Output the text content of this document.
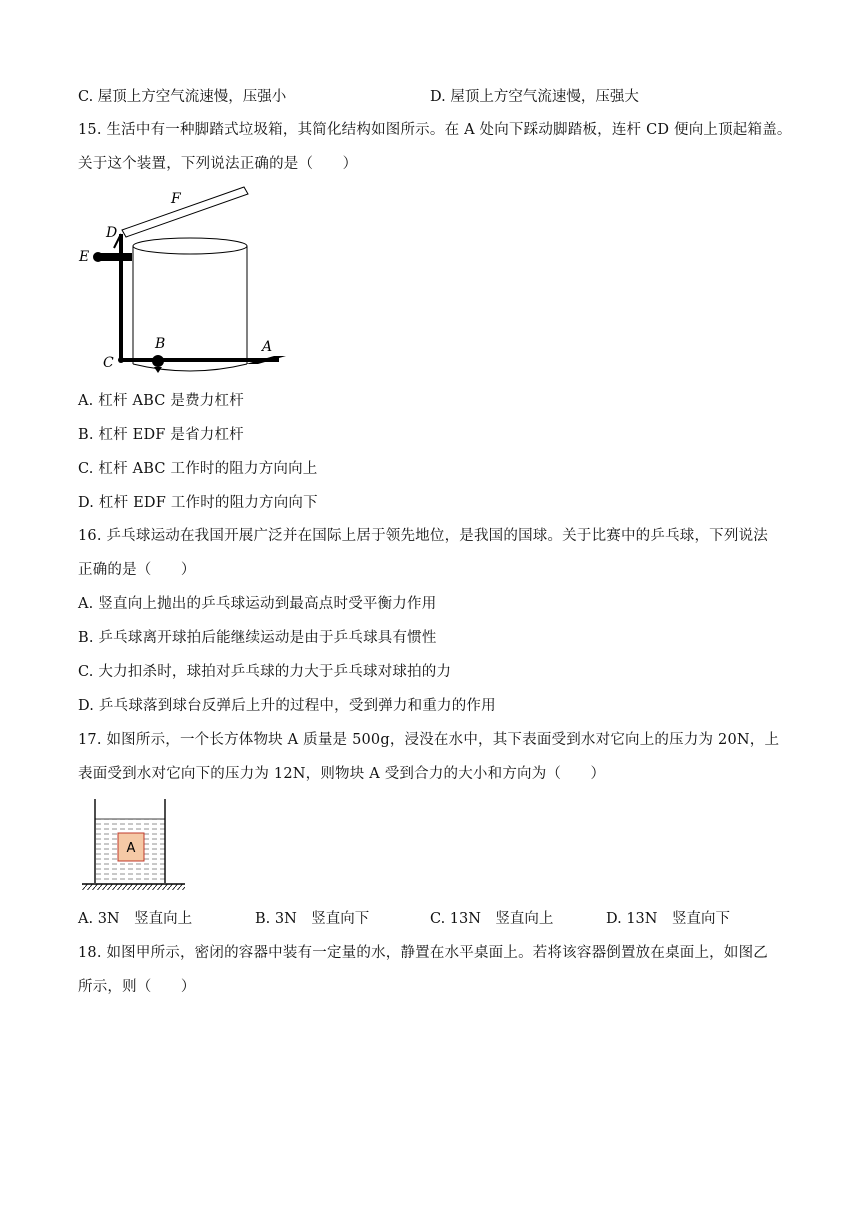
C. 屋顶上方空气流速慢，压强小	D. 屋顶上方空气流速慢，压强大
15. 生活中有一种脚踏式垃圾箱，其简化结构如图所示。在 A 处向下踩动脚踏板，连杆 CD 便向上顶起箱盖。
关于这个装置，下列说法正确的是（　　）
F
D
E
B
C
A
A. 杠杆 ABC 是费力杠杆
B. 杠杆 EDF 是省力杠杆
C. 杠杆 ABC 工作时的阻力方向向上
D. 杠杆 EDF 工作时的阻力方向向下
16. 乒乓球运动在我国开展广泛并在国际上居于领先地位，是我国的国球。关于比赛中的乒乓球，下列说法
正确的是（　　）
A. 竖直向上抛出的乒乓球运动到最高点时受平衡力作用
B. 乒乓球离开球拍后能继续运动是由于乒乓球具有惯性
C. 大力扣杀时，球拍对乒乓球的力大于乒乓球对球拍的力
D. 乒乓球落到球台反弹后上升的过程中，受到弹力和重力的作用
17. 如图所示，一个长方体物块 A 质量是 500g，浸没在水中，其下表面受到水对它向上的压力为 20N，上
表面受到水对它向下的压力为 12N，则物块 A 受到合力的大小和方向为（　　）
A
A. 3N　竖直向上	B. 3N　竖直向下	C. 13N　竖直向上	D. 13N　竖直向下
18. 如图甲所示，密闭的容器中装有一定量的水，静置在水平桌面上。若将该容器倒置放在桌面上，如图乙
所示，则（　　）
